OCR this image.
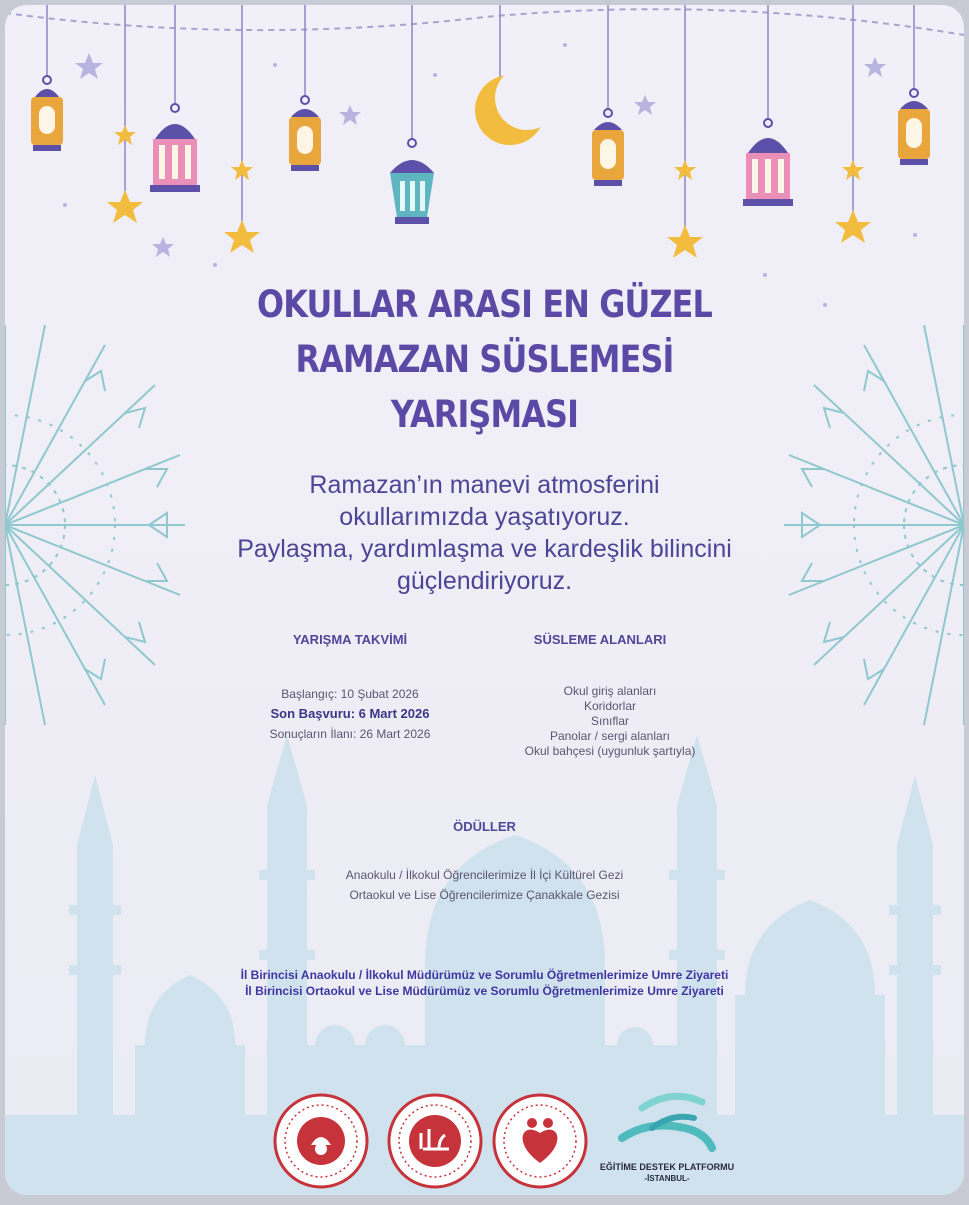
OKULLAR ARASI EN GÜZEL
RAMAZAN SÜSLEMESİ
YARIŞMASI
Ramazan’ın manevi atmosferini
okullarımızda yaşatıyoruz.
Paylaşma, yardımlaşma ve kardeşlik bilincini
güçlendiriyoruz.
YARIŞMA TAKVİMİ
Başlangıç: 10 Şubat 2026
Son Başvuru: 6 Mart 2026
Sonuçların İlanı: 26 Mart 2026
SÜSLEME ALANLARI
Okul giriş alanları
Koridorlar
Sınıflar
Panolar / sergi alanları
Okul bahçesi (uygunluk şartıyla)
ÖDÜLLER
Anaokulu / İlkokul Öğrencilerimize İl İçi Kültürel Gezi
Ortaokul ve Lise Öğrencilerimize Çanakkale Gezisi
İl Birincisi Anaokulu / İlkokul Müdürümüz ve Sorumlu Öğretmenlerimize Umre Ziyareti
İl Birincisi Ortaokul ve Lise Müdürümüz ve Sorumlu Öğretmenlerimize Umre Ziyareti
EĞİTİME DESTEK PLATFORMU
-İSTANBUL-
